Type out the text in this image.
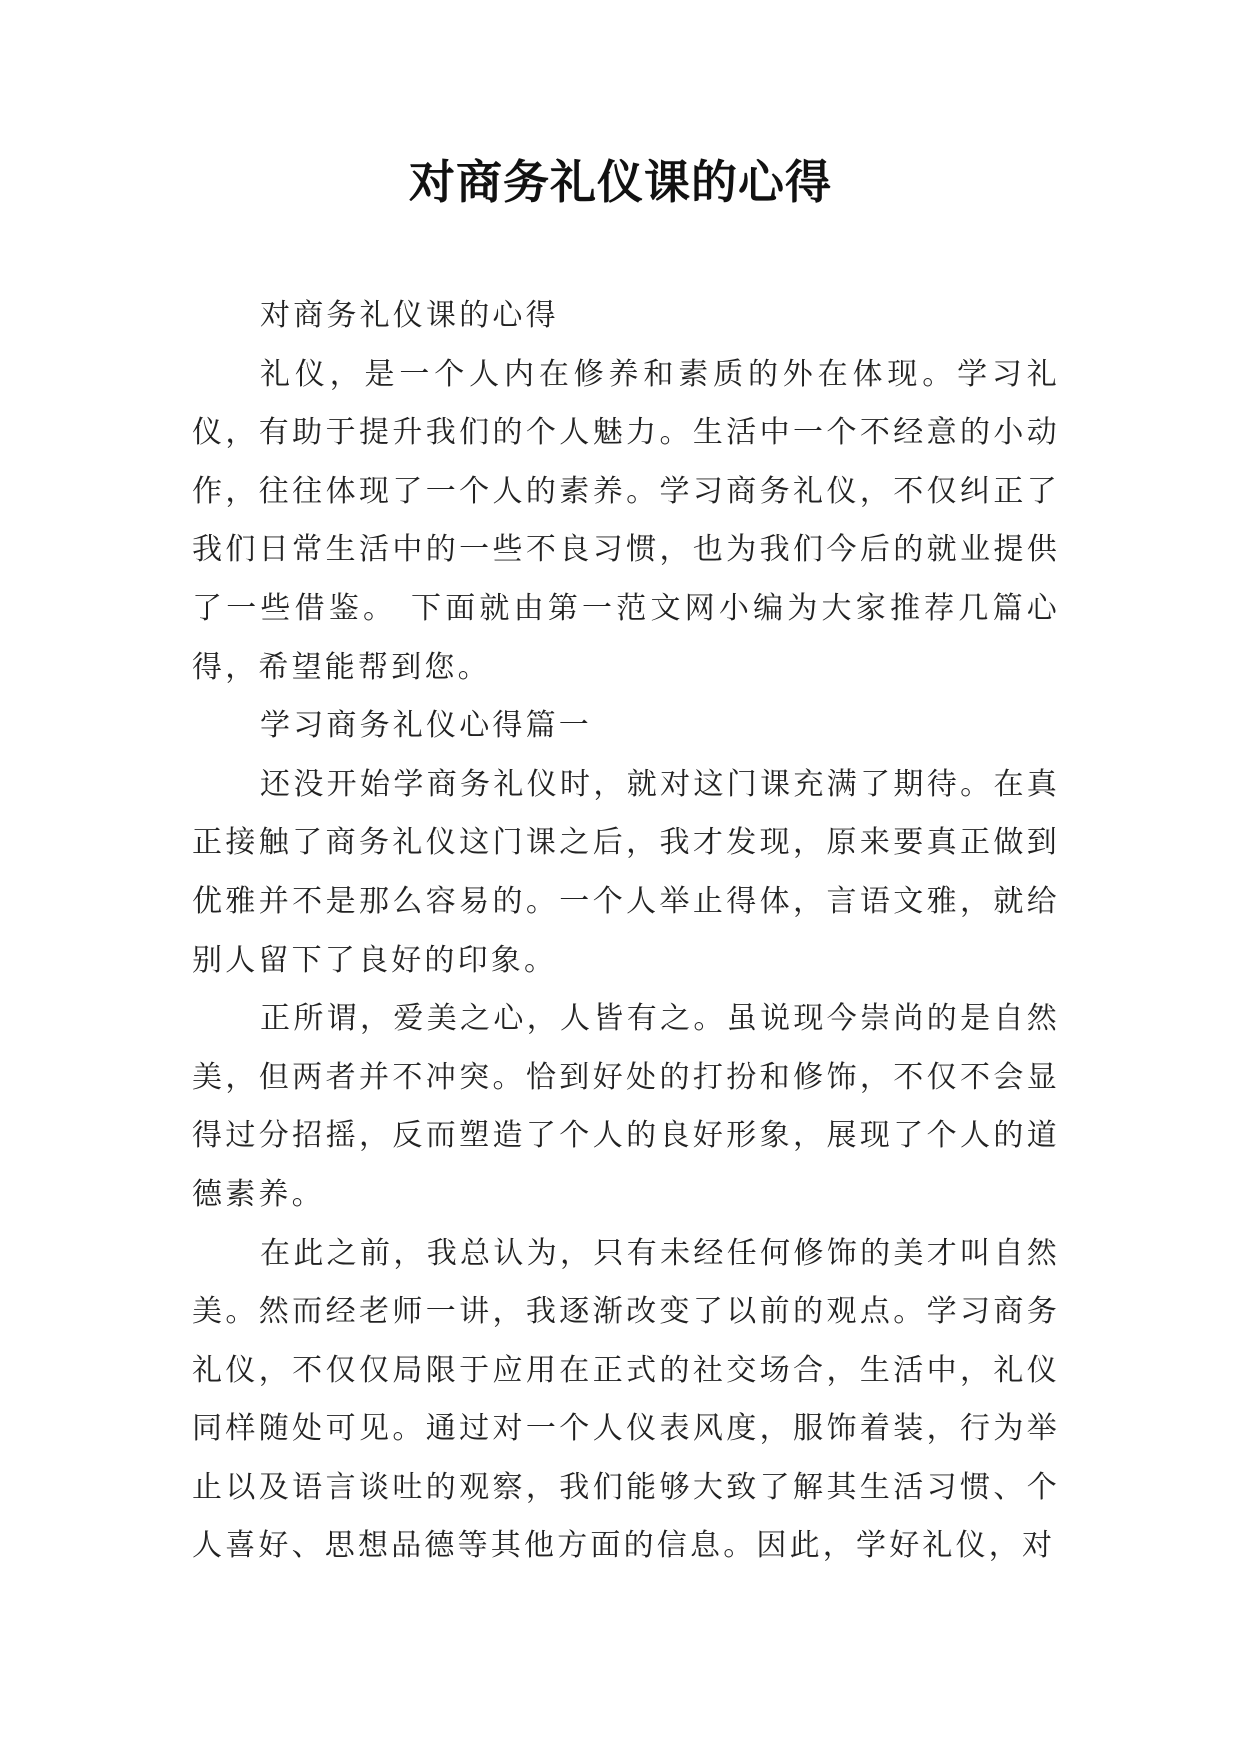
对商务礼仪课的心得

对商务礼仪课的心得

礼仪，是一个人内在修养和素质的外在体现。学习礼仪，有助于提升我们的个人魅力。生活中一个不经意的小动作，往往体现了一个人的素养。学习商务礼仪，不仅纠正了我们日常生活中的一些不良习惯，也为我们今后的就业提供了一些借鉴。 下面就由第一范文网小编为大家推荐几篇心得，希望能帮到您。

学习商务礼仪心得篇一

还没开始学商务礼仪时，就对这门课充满了期待。在真正接触了商务礼仪这门课之后，我才发现，原来要真正做到优雅并不是那么容易的。一个人举止得体，言语文雅，就给别人留下了良好的印象。

正所谓，爱美之心，人皆有之。虽说现今崇尚的是自然美，但两者并不冲突。恰到好处的打扮和修饰，不仅不会显得过分招摇，反而塑造了个人的良好形象，展现了个人的道德素养。

在此之前，我总认为，只有未经任何修饰的美才叫自然美。然而经老师一讲，我逐渐改变了以前的观点。学习商务礼仪，不仅仅局限于应用在正式的社交场合，生活中，礼仪同样随处可见。通过对一个人仪表风度，服饰着装，行为举止以及语言谈吐的观察，我们能够大致了解其生活习惯、个人喜好、思想品德等其他方面的信息。因此，学好礼仪，对
